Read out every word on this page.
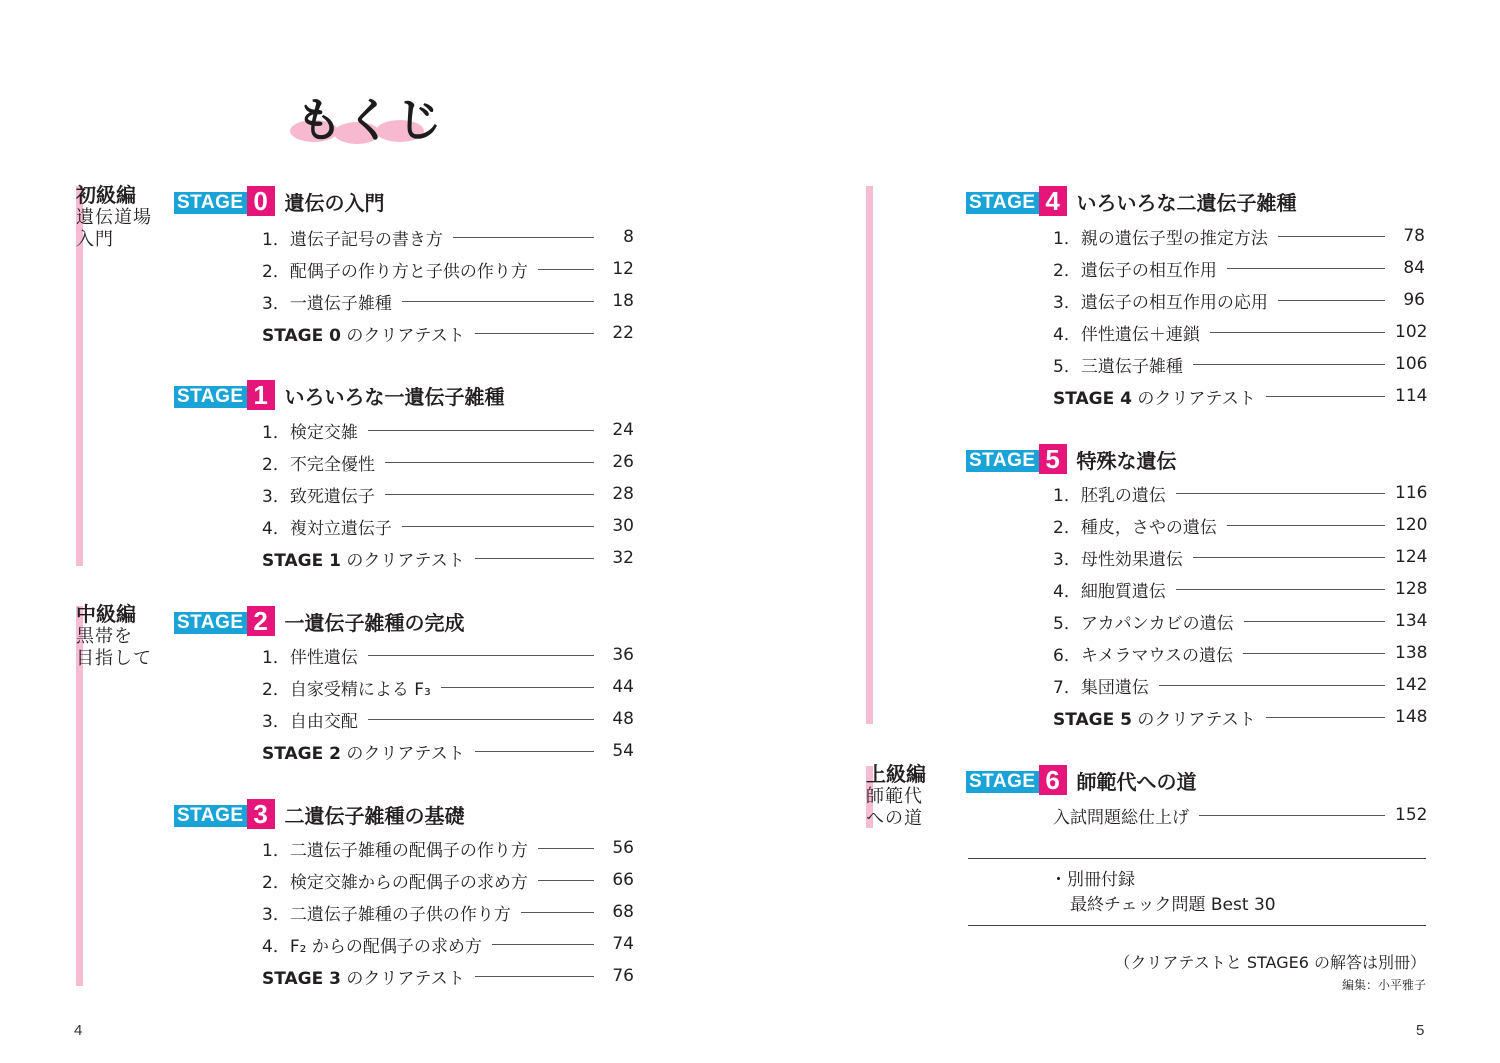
もくじ
初級編
遺伝道場
入門
中級編
黒帯を
目指して
上級編
師範代
への道
STAGE 0 遺伝の入門
1．遺伝子記号の書き方	8
2．配偶子の作り方と子供の作り方	12
3．一遺伝子雑種	18
STAGE 0 のクリアテスト	22
STAGE 1 いろいろな一遺伝子雑種
1．検定交雑	24
2．不完全優性	26
3．致死遺伝子	28
4．複対立遺伝子	30
STAGE 1 のクリアテスト	32
STAGE 2 一遺伝子雑種の完成
1．伴性遺伝	36
2．自家受精による F₃	44
3．自由交配	48
STAGE 2 のクリアテスト	54
STAGE 3 二遺伝子雑種の基礎
1．二遺伝子雑種の配偶子の作り方	56
2．検定交雑からの配偶子の求め方	66
3．二遺伝子雑種の子供の作り方	68
4．F₂ からの配偶子の求め方	74
STAGE 3 のクリアテスト	76
STAGE 4 いろいろな二遺伝子雑種
1．親の遺伝子型の推定方法	78
2．遺伝子の相互作用	84
3．遺伝子の相互作用の応用	96
4．伴性遺伝＋連鎖	102
5．三遺伝子雑種	106
STAGE 4 のクリアテスト	114
STAGE 5 特殊な遺伝
1．胚乳の遺伝	116
2．種皮，さやの遺伝	120
3．母性効果遺伝	124
4．細胞質遺伝	128
5．アカパンカビの遺伝	134
6．キメラマウスの遺伝	138
7．集団遺伝	142
STAGE 5 のクリアテスト	148
STAGE 6 師範代への道
入試問題総仕上げ	152
・別冊付録
最終チェック問題 Best 30
（クリアテストと STAGE6 の解答は別冊）
編集：小平雅子
4	5
